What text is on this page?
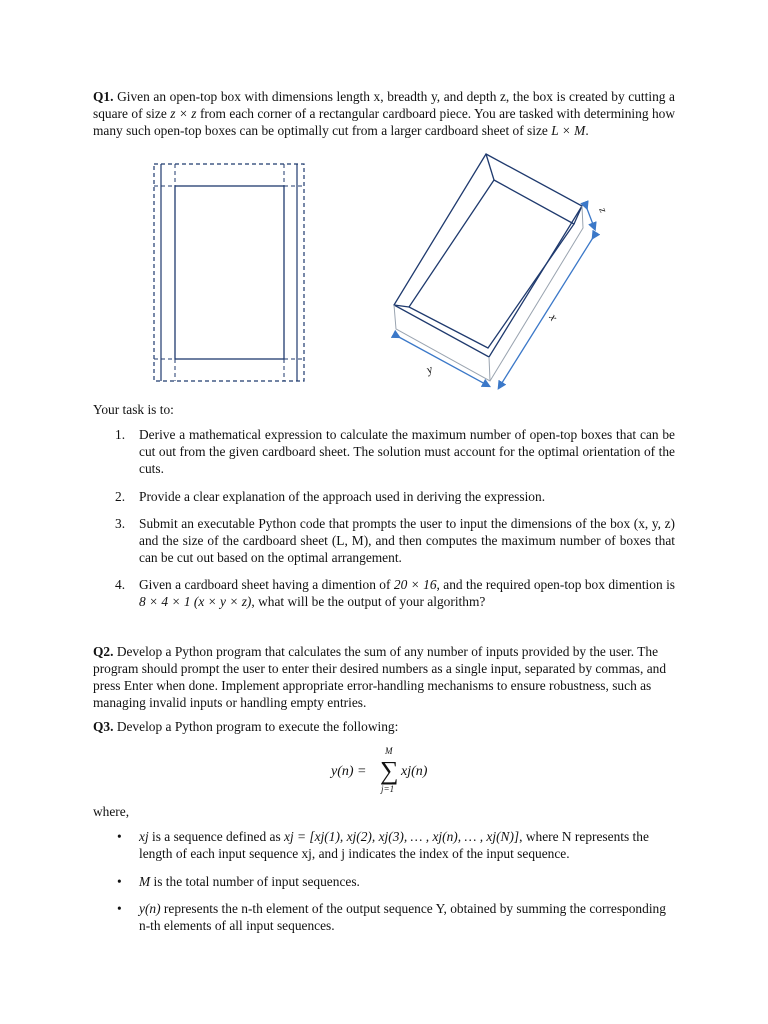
Q1. Given an open-top box with dimensions length x, breadth y, and depth z, the box is created by cutting a square of size z × z from each corner of a rectangular cardboard piece. You are tasked with determining how many such open-top boxes can be optimally cut from a larger cardboard sheet of size L × M.

z
x
y

Your task is to:

1. Derive a mathematical expression to calculate the maximum number of open-top boxes that can be cut out from the given cardboard sheet. The solution must account for the optimal orientation of the cuts.
2. Provide a clear explanation of the approach used in deriving the expression.
3. Submit an executable Python code that prompts the user to input the dimensions of the box (x, y, z) and the size of the cardboard sheet (L, M), and then computes the maximum number of boxes that can be cut out based on the optimal arrangement.
4. Given a cardboard sheet having a dimention of 20 × 16, and the required open-top box dimention is 8 × 4 × 1 (x × y × z), what will be the output of your algorithm?

Q2. Develop a Python program that calculates the sum of any number of inputs provided by the user. The program should prompt the user to enter their desired numbers as a single input, separated by commas, and press Enter when done. Implement appropriate error-handling mechanisms to ensure robustness, such as managing invalid inputs or handling empty entries.

Q3. Develop a Python program to execute the following:

y(n) = ∑
M
j=1
xj(n)

where,

• xj is a sequence defined as xj = [xj(1), xj(2), xj(3), … , xj(n), … , xj(N)], where N represents the length of each input sequence xj, and j indicates the index of the input sequence.
• M is the total number of input sequences.
• y(n) represents the n-th element of the output sequence Y, obtained by summing the corresponding n-th elements of all input sequences.
